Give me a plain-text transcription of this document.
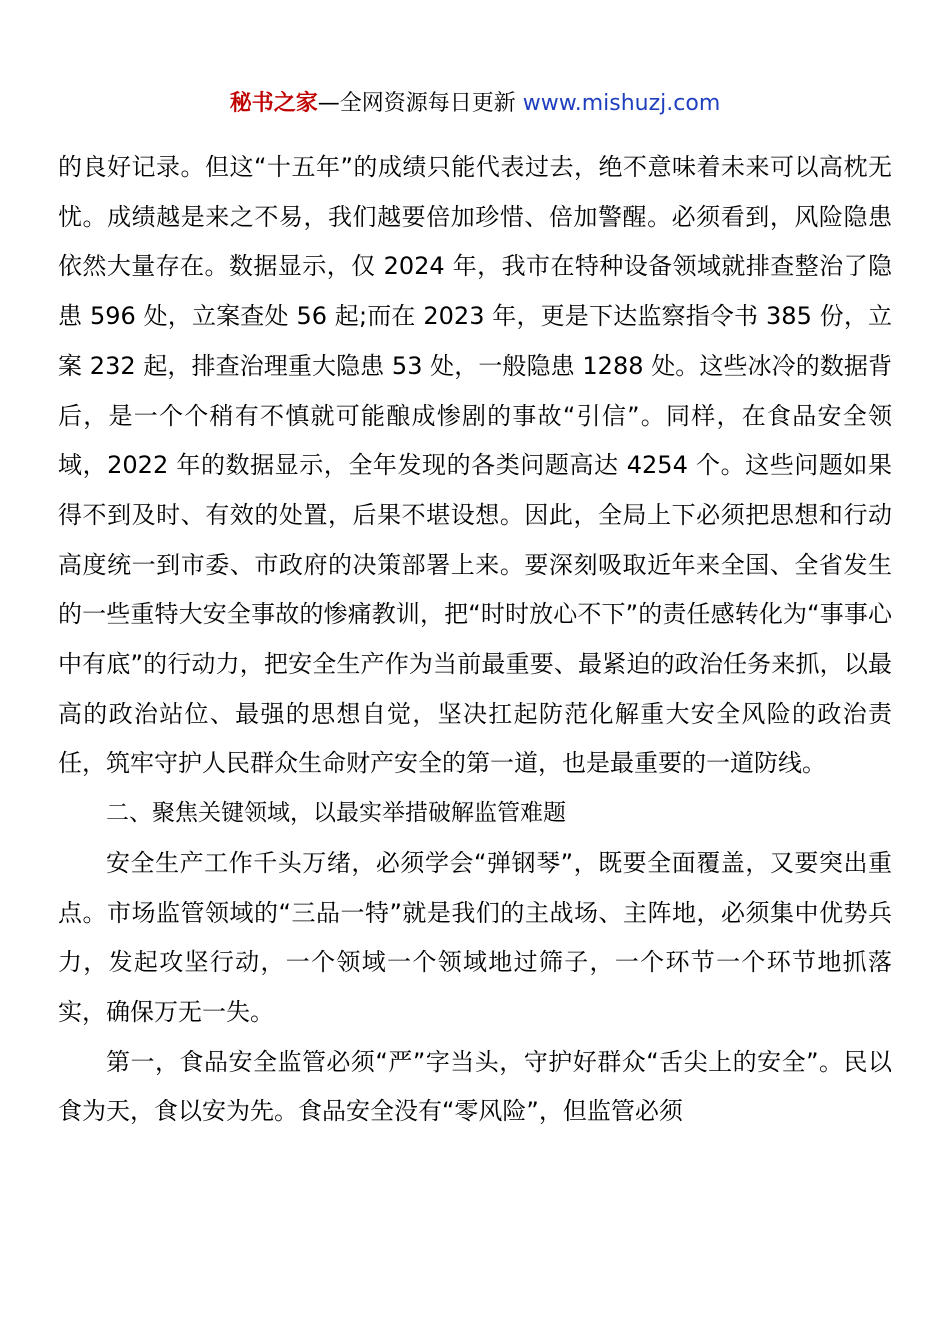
秘书之家—全网资源每日更新 www.mishuzj.com

的良好记录。但这“十五年”的成绩只能代表过去，绝不意味着未来可以高枕无忧。成绩越是来之不易，我们越要倍加珍惜、倍加警醒。必须看到，风险隐患依然大量存在。数据显示，仅 2024 年，我市在特种设备领域就排查整治了隐患 596 处，立案查处 56 起;而在 2023 年，更是下达监察指令书 385 份，立案 232 起，排查治理重大隐患 53 处，一般隐患 1288 处。这些冰冷的数据背后，是一个个稍有不慎就可能酿成惨剧的事故“引信”。同样，在食品安全领域，2022 年的数据显示，全年发现的各类问题高达 4254 个。这些问题如果得不到及时、有效的处置，后果不堪设想。因此，全局上下必须把思想和行动高度统一到市委、市政府的决策部署上来。要深刻吸取近年来全国、全省发生的一些重特大安全事故的惨痛教训，把“时时放心不下”的责任感转化为“事事心中有底”的行动力，把安全生产作为当前最重要、最紧迫的政治任务来抓，以最高的政治站位、最强的思想自觉，坚决扛起防范化解重大安全风险的政治责任，筑牢守护人民群众生命财产安全的第一道，也是最重要的一道防线。

二、聚焦关键领域，以最实举措破解监管难题

安全生产工作千头万绪，必须学会“弹钢琴”，既要全面覆盖，又要突出重点。市场监管领域的“三品一特”就是我们的主战场、主阵地，必须集中优势兵力，发起攻坚行动，一个领域一个领域地过筛子，一个环节一个环节地抓落实，确保万无一失。

第一，食品安全监管必须“严”字当头，守护好群众“舌尖上的安全”。民以食为天，食以安为先。食品安全没有“零风险”，但监管必须
